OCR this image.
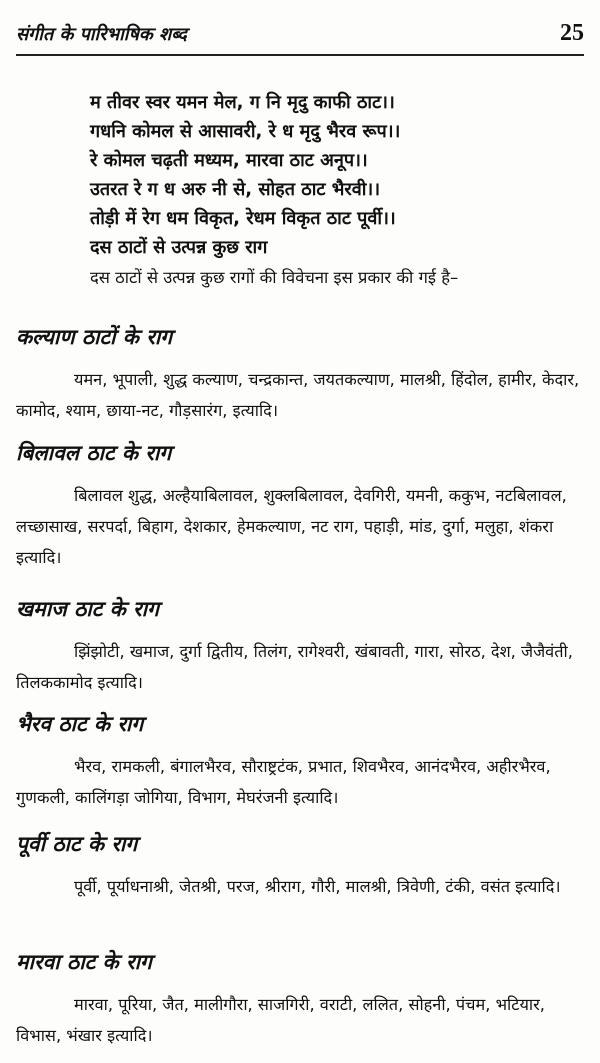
संगीत के पारिभाषिक शब्द	25
म तीवर स्वर यमन मेल, ग नि मृदु काफी ठाट।।
गधनि कोमल से आसावरी, रे ध मृदु भैरव रूप।।
रे कोमल चढ़ती मध्यम, मारवा ठाट अनूप।।
उतरत रे ग ध अरु नी से, सोहत ठाट भैरवी।।
तोड़ी में रेग धम विकृत, रेधम विकृत ठाट पूर्वी।।
दस ठाटों से उत्पन्न कुछ राग
दस ठाटों से उत्पन्न कुछ रागों की विवेचना इस प्रकार की गई है–
कल्याण ठाटों के राग

यमन, भूपाली, शुद्ध कल्याण, चन्द्रकान्त, जयतकल्याण, मालश्री, हिंदोल, हामीर, केदार, कामोद, श्याम, छाया-नट, गौड़सारंग, इत्यादि।

बिलावल ठाट के राग

बिलावल शुद्ध, अल्हैयाबिलावल, शुक्लबिलावल, देवगिरी, यमनी, ककुभ, नटबिलावल, लच्छासाख, सरपर्दा, बिहाग, देशकार, हेमकल्याण, नट राग, पहाड़ी, मांड, दुर्गा, मलुहा, शंकरा इत्यादि।

खमाज ठाट के राग

झिंझोटी, खमाज, दुर्गा द्वितीय, तिलंग, रागेश्वरी, खंबावती, गारा, सोरठ, देश, जैजैवंती, तिलककामोद इत्यादि।

भैरव ठाट के राग

भैरव, रामकली, बंगालभैरव, सौराष्ट्रटंक, प्रभात, शिवभैरव, आनंदभैरव, अहीरभैरव, गुणकली, कालिंगड़ा जोगिया, विभाग, मेघरंजनी इत्यादि।

पूर्वी ठाट के राग

पूर्वी, पूर्याधनाश्री, जेतश्री, परज, श्रीराग, गौरी, मालश्री, त्रिवेणी, टंकी, वसंत इत्यादि।

मारवा ठाट के राग

मारवा, पूरिया, जैत, मालीगौरा, साजगिरी, वराटी, ललित, सोहनी, पंचम, भटियार, विभास, भंखार इत्यादि।
